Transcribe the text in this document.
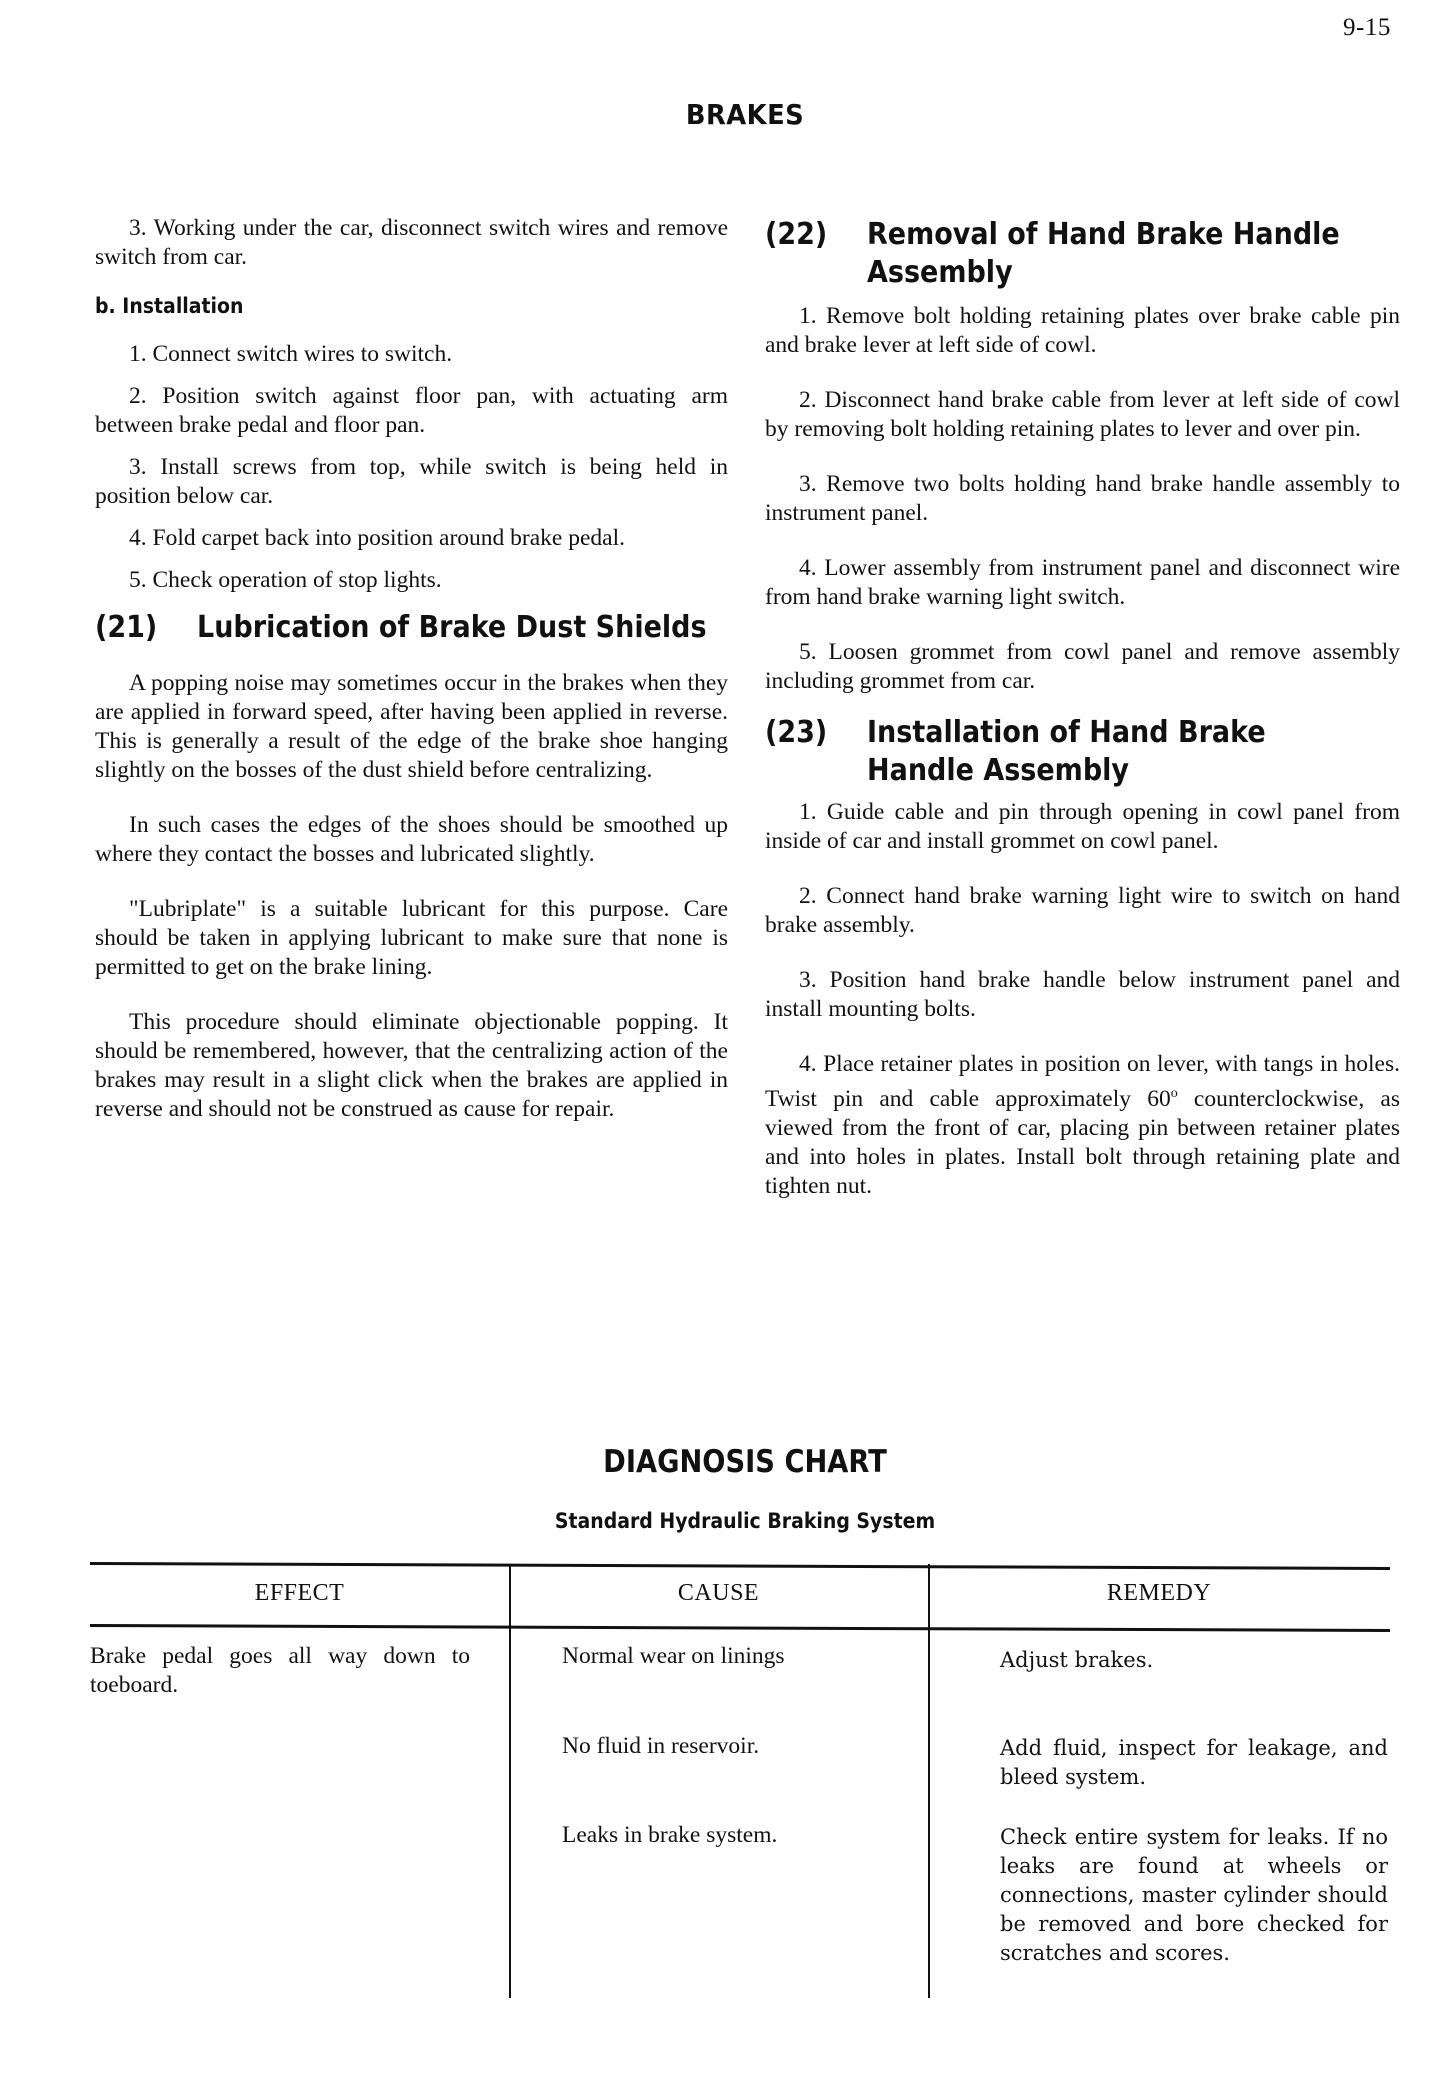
9-15
BRAKES

3. Working under the car, disconnect switch wires and remove switch from car.

b. Installation

1. Connect switch wires to switch.

2. Position switch against floor pan, with actuating arm between brake pedal and floor pan.

3. Install screws from top, while switch is being held in position below car.

4. Fold carpet back into position around brake pedal.

5. Check operation of stop lights.

(21)	Lubrication of Brake Dust Shields

A popping noise may sometimes occur in the brakes when they are applied in forward speed, after having been applied in reverse. This is generally a result of the edge of the brake shoe hanging slightly on the bosses of the dust shield before centralizing.

In such cases the edges of the shoes should be smoothed up where they contact the bosses and lubricated slightly.

"Lubriplate" is a suitable lubricant for this purpose. Care should be taken in applying lubricant to make sure that none is permitted to get on the brake lining.

This procedure should eliminate objectionable popping. It should be remembered, however, that the centralizing action of the brakes may result in a slight click when the brakes are applied in reverse and should not be construed as cause for repair.

(22)	Removal of Hand Brake Handle
Assembly

1. Remove bolt holding retaining plates over brake cable pin and brake lever at left side of cowl.

2. Disconnect hand brake cable from lever at left side of cowl by removing bolt holding retaining plates to lever and over pin.

3. Remove two bolts holding hand brake handle assembly to instrument panel.

4. Lower assembly from instrument panel and disconnect wire from hand brake warning light switch.

5. Loosen grommet from cowl panel and remove assembly including grommet from car.

(23)	Installation of Hand Brake
Handle Assembly

1. Guide cable and pin through opening in cowl panel from inside of car and install grommet on cowl panel.

2. Connect hand brake warning light wire to switch on hand brake assembly.

3. Position hand brake handle below instrument panel and install mounting bolts.

4. Place retainer plates in position on lever, with tangs in holes. Twist pin and cable approximately 60$^o$ counterclockwise, as viewed from the front of car, placing pin between retainer plates and into holes in plates. Install bolt through retaining plate and tighten nut.

DIAGNOSIS CHART
Standard Hydraulic Braking System
EFFECT	CAUSE	REMEDY
Brake pedal goes all way down to toeboard.
Normal wear on linings	Adjust brakes.
No fluid in reservoir.	Add fluid, inspect for leakage, and bleed system.
Leaks in brake system.	Check entire system for leaks. If no leaks are found at wheels or connections, master cylinder should be removed and bore checked for scratches and scores.
